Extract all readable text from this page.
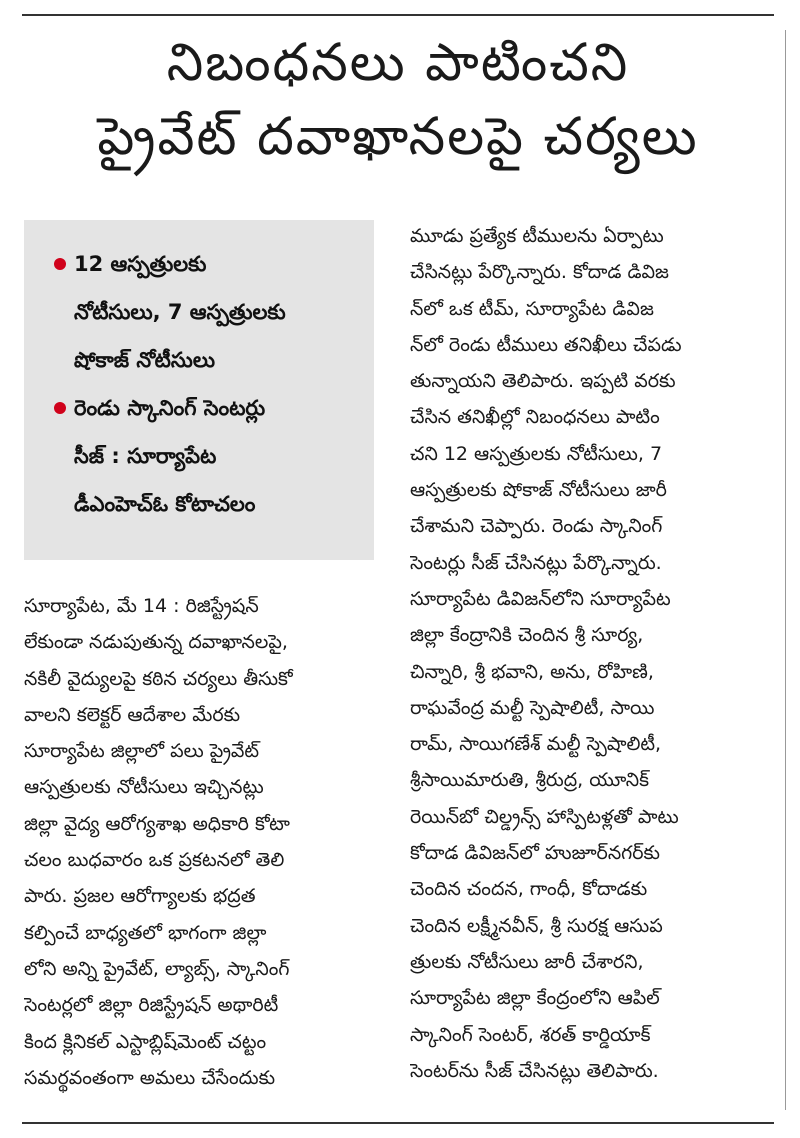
నిబంధనలు పాటించని
ప్రైవేట్ దవాఖానలపై చర్యలు
12 ఆస్పత్రులకు
నోటీసులు, 7 ఆస్పత్రులకు
షోకాజ్ నోటీసులు
రెండు స్కానింగ్ సెంటర్లు
సీజ్ : సూర్యాపేట
డీఎంహెచ్ఓ కోటాచలం
సూర్యాపేట, మే 14 : రిజిస్ట్రేషన్
లేకుండా నడుపుతున్న దవాఖానలపై,
నకిలీ వైద్యులపై కఠిన చర్యలు తీసుకో
వాలని కలెక్టర్ ఆదేశాల మేరకు
సూర్యాపేట జిల్లాలో పలు ప్రైవేట్
ఆస్పత్రులకు నోటీసులు ఇచ్చినట్లు
జిల్లా వైద్య ఆరోగ్యశాఖ అధికారి కోటా
చలం బుధవారం ఒక ప్రకటనలో తెలి
పారు. ప్రజల ఆరోగ్యాలకు భద్రత
కల్పించే బాధ్యతలో భాగంగా జిల్లా
లోని అన్ని ప్రైవేట్, ల్యాబ్స్, స్కానింగ్
సెంటర్లలో జిల్లా రిజిస్ట్రేషన్ అథారిటీ
కింద క్లినికల్ ఎస్టాబ్లిష్‌మెంట్ చట్టం
సమర్థవంతంగా అమలు చేసేందుకు
మూడు ప్రత్యేక టీములను ఏర్పాటు
చేసినట్లు పేర్కొన్నారు. కోదాడ డివిజ
న్‌లో ఒక టీమ్, సూర్యాపేట డివిజ
న్‌లో రెండు టీములు తనిఖీలు చేపడు
తున్నాయని తెలిపారు. ఇప్పటి వరకు
చేసిన తనిఖీల్లో నిబంధనలు పాటిం
చని 12 ఆస్పత్రులకు నోటీసులు, 7
ఆస్పత్రులకు షోకాజ్ నోటీసులు జారీ
చేశామని చెప్పారు. రెండు స్కానింగ్
సెంటర్లు సీజ్ చేసినట్లు పేర్కొన్నారు.
సూర్యాపేట డివిజన్‌లోని సూర్యాపేట
జిల్లా కేంద్రానికి చెందిన శ్రీ సూర్య,
చిన్నారి, శ్రీ భవాని, అను, రోహిణి,
రాఘవేంద్ర మల్టీ స్పెషాలిటీ, సాయి
రామ్, సాయిగణేశ్ మల్టీ స్పెషాలిటీ,
శ్రీసాయిమారుతి, శ్రీరుద్ర, యూనిక్
రెయిన్‌బో చిల్డ్రన్స్ హాస్పిటళ్లతో పాటు
కోదాడ డివిజన్‌లో హుజూర్‌నగర్‌కు
చెందిన చందన, గాంధీ, కోదాడకు
చెందిన లక్ష్మీనవీన్, శ్రీ సురక్ష ఆసుప
త్రులకు నోటీసులు జారీ చేశారని,
సూర్యాపేట జిల్లా కేంద్రంలోని ఆపిల్
స్కానింగ్ సెంటర్, శరత్ కార్డియాక్
సెంటర్‌ను సీజ్ చేసినట్లు తెలిపారు.
